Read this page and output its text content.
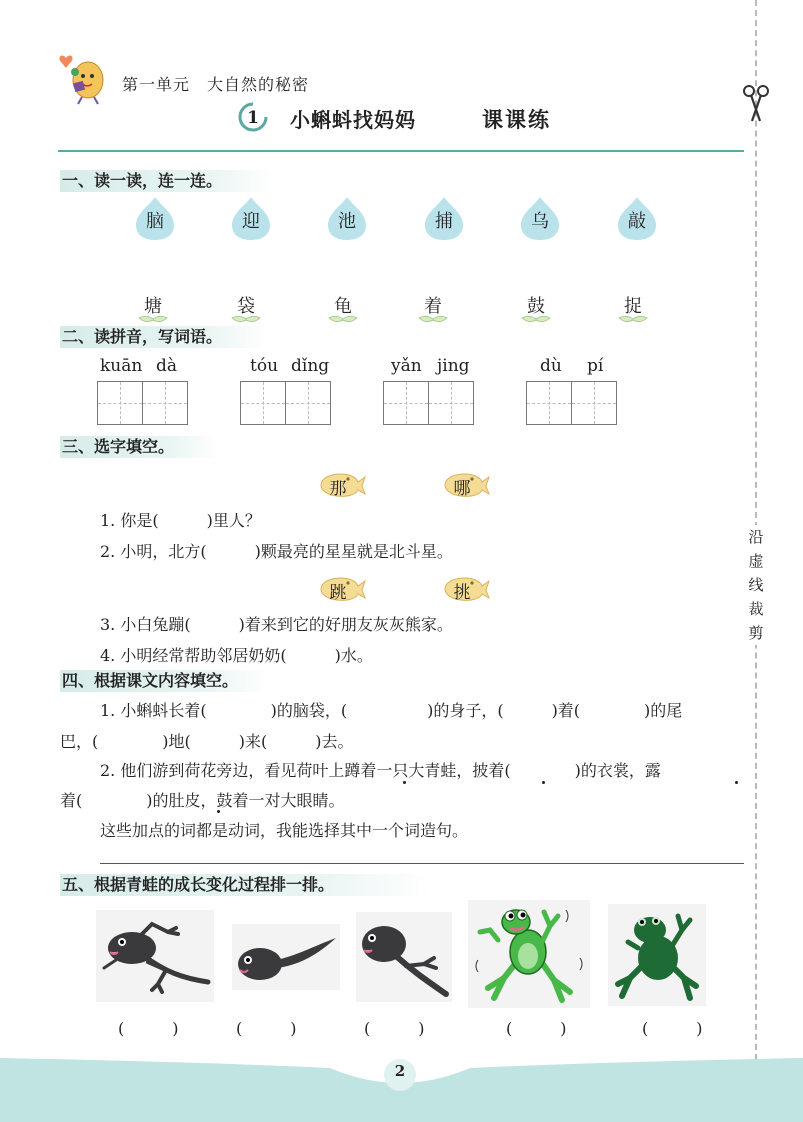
第一单元　大自然的秘密
1 小蝌蚪找妈妈	课课练
沿
虚
线
裁
剪
一、读一读，连一连。
脑	迎	池	捕	乌	敲
塘	袋	龟	着	鼓	捉
二、读拼音，写词语。
kuān dà	tóu dǐng	yǎn jing	dù pí
三、选字填空。
那	哪
1. 你是(　　　)里人？
2. 小明，北方(　　　)颗最亮的星星就是北斗星。
跳	挑
3. 小白兔蹦(　　　)着来到它的好朋友灰灰熊家。
4. 小明经常帮助邻居奶奶(　　　)水。
四、根据课文内容填空。
1. 小蝌蚪长着(　　　　)的脑袋，(　　　　　)的身子，(　　　)着(　　　　)的尾
巴，(　　　　)地(　　　)来(　　　)去。
2. 他们游到荷花旁边，看见荷叶上蹲着一只大青蛙，披着(　　　　)的衣裳，露
着(　　　　)的肚皮，鼓着一对大眼睛。
这些加点的词都是动词，我能选择其中一个词造句。
五、根据青蛙的成长变化过程排一排。
(　　　)	(　　　)	(　　　)	(　　　)	(　　　)
2
